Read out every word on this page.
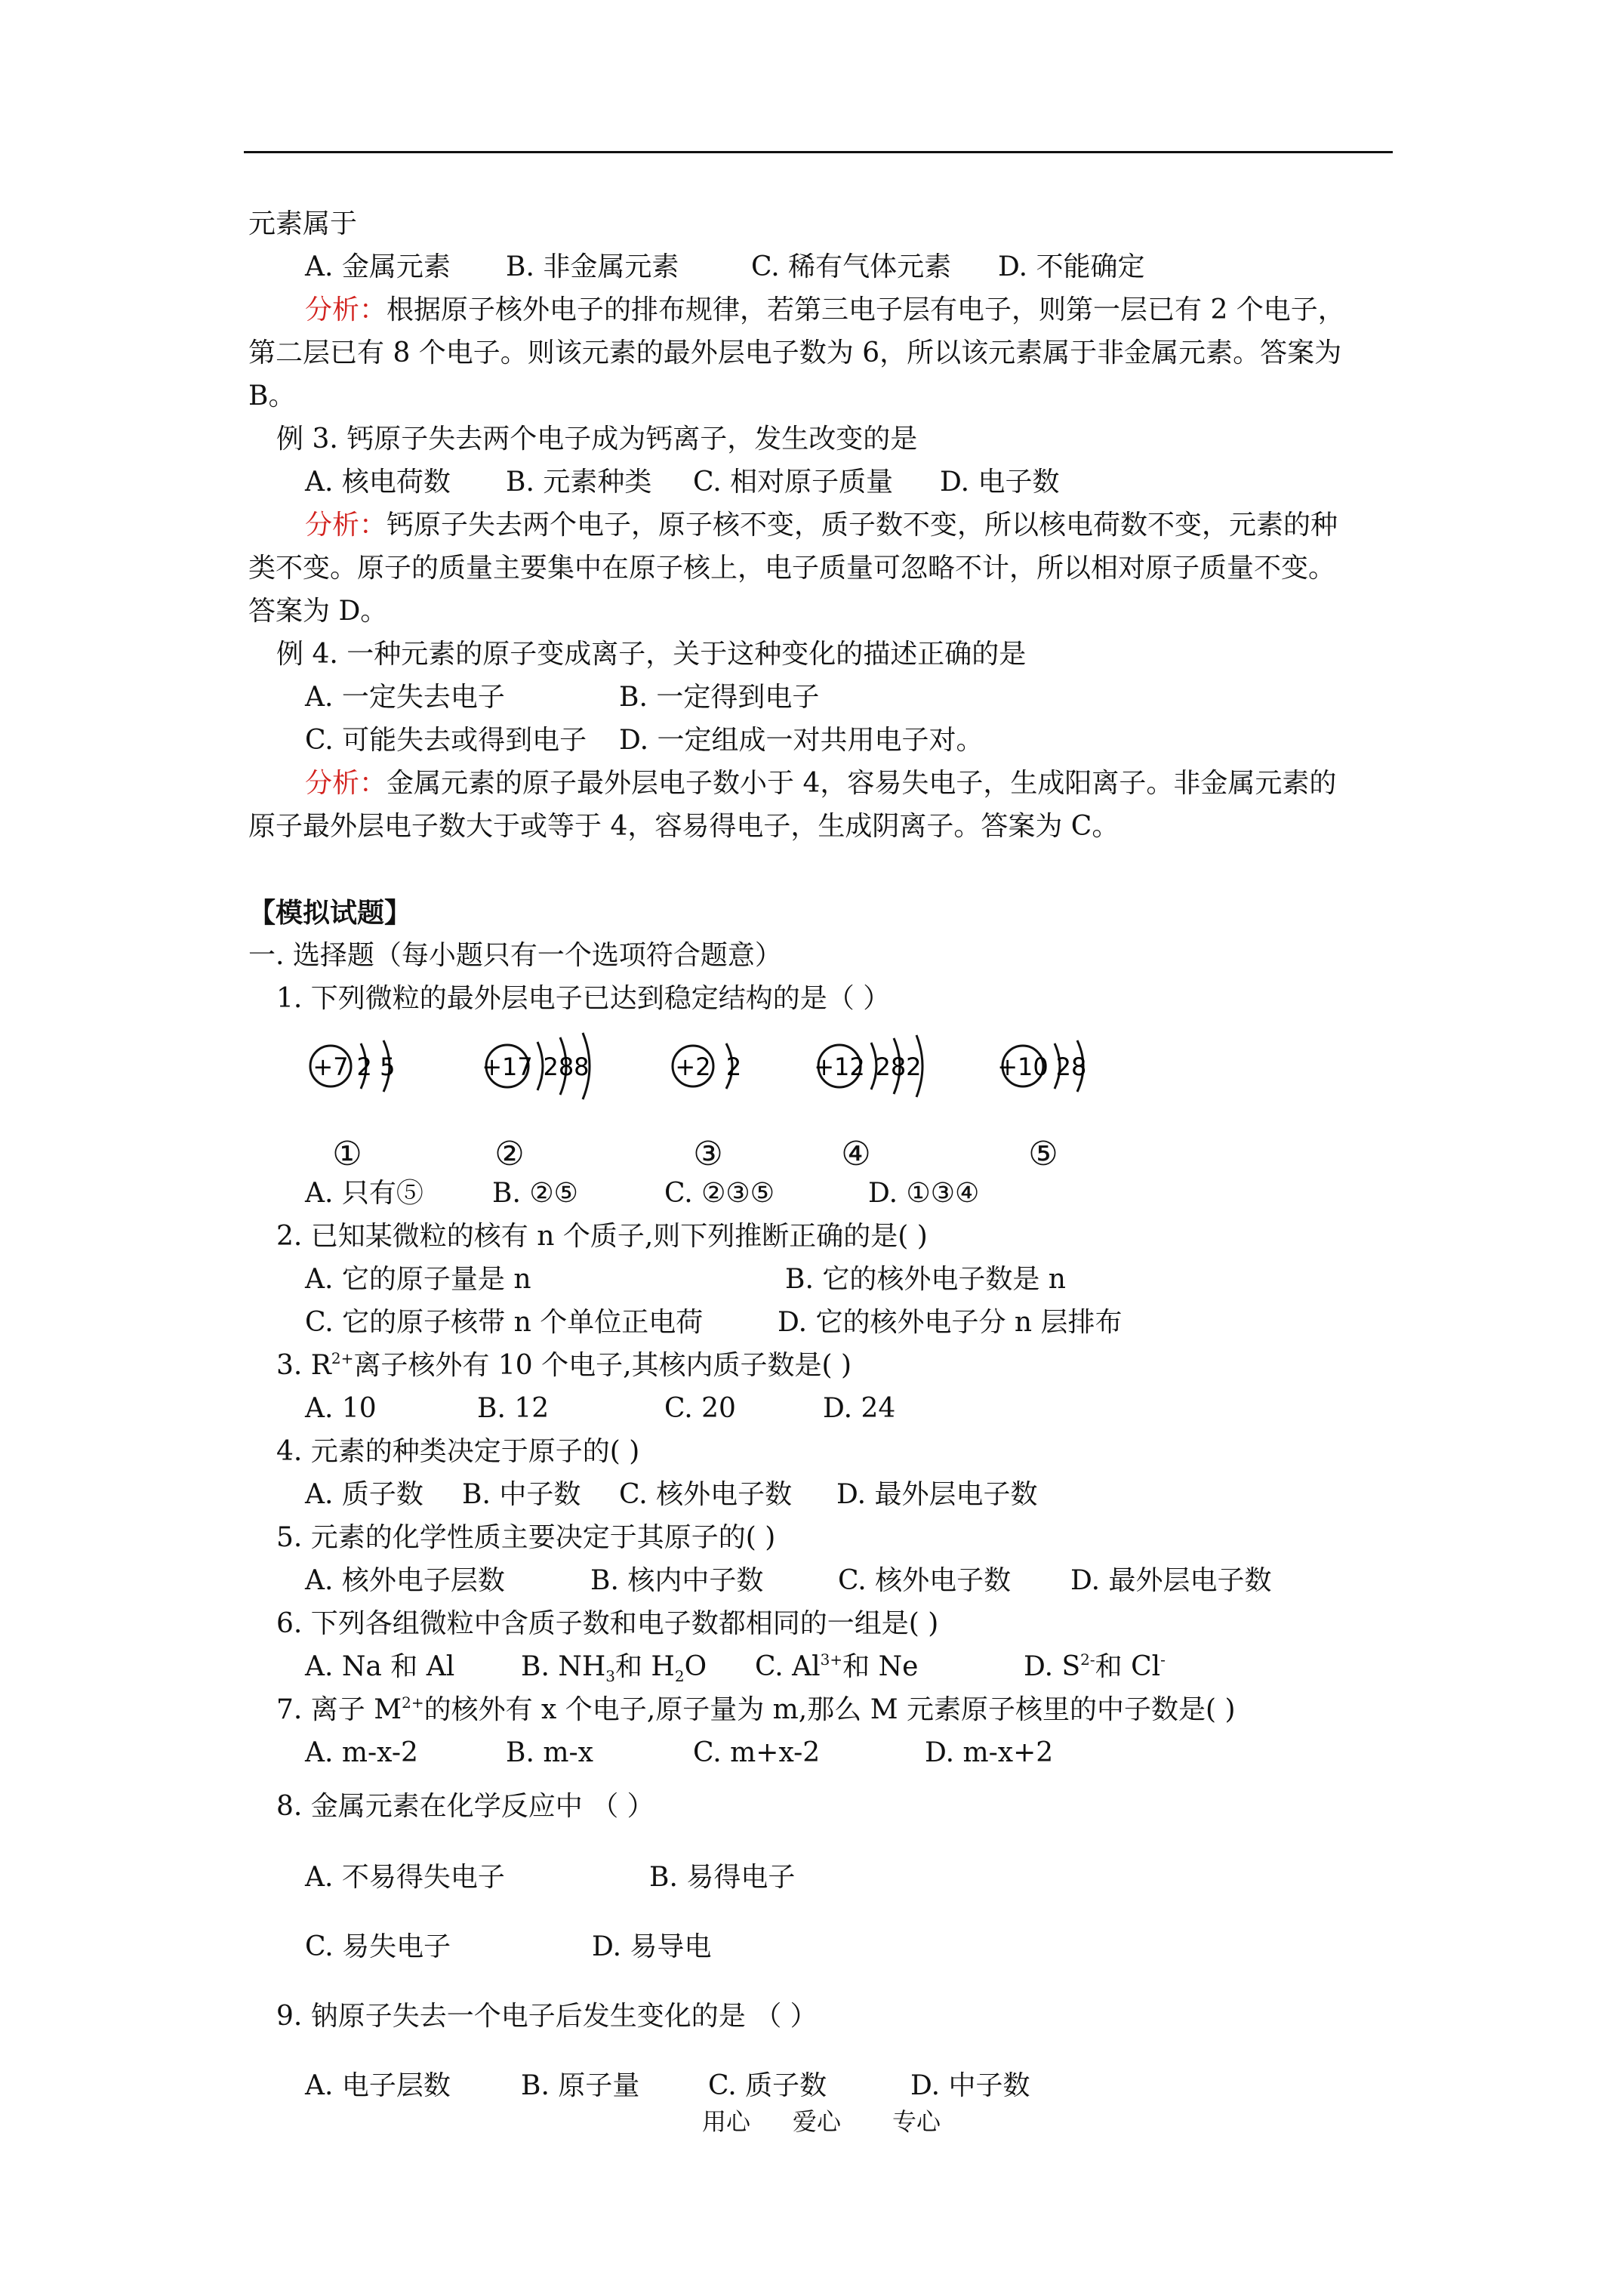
元素属于
A. 金属元素 B. 非金属元素	C. 稀有气体元素 D. 不能确定
分析：根据原子核外电子的排布规律，若第三电子层有电子，则第一层已有 2 个电子，
第二层已有 8 个电子。则该元素的最外层电子数为 6，所以该元素属于非金属元素。答案为
B。
例 3. 钙原子失去两个电子成为钙离子，发生改变的是
A. 核电荷数 B. 元素种类 C. 相对原子质量 D. 电子数
分析：钙原子失去两个电子，原子核不变，质子数不变，所以核电荷数不变，元素的种
类不变。原子的质量主要集中在原子核上，电子质量可忽略不计，所以相对原子质量不变。
答案为 D。
例 4. 一种元素的原子变成离子，关于这种变化的描述正确的是
A. 一定失去电子	B. 一定得到电子
C. 可能失去或得到电子 D. 一定组成一对共用电子对。
分析：金属元素的原子最外层电子数小于 4，容易失电子，生成阳离子。非金属元素的
原子最外层电子数大于或等于 4，容易得电子，生成阴离子。答案为 C。
【模拟试题】
一. 选择题（每小题只有一个选项符合题意）
1. 下列微粒的最外层电子已达到稳定结构的是（ ）
+7 2 5	+17 288	+2 2	+12 282	+10 28
①	②	③	④	⑤
A. 只有⑤	B. ②⑤	C. ②③⑤	D. ①③④
2. 已知某微粒的核有 n 个质子,则下列推断正确的是( )
A. 它的原子量是 n	B. 它的核外电子数是 n
C. 它的原子核带 n 个单位正电荷	D. 它的核外电子分 n 层排布
3. $R^{2+}$离子核外有 10 个电子,其核内质子数是( )
A. 10	B. 12	C. 20	D. 24
4. 元素的种类决定于原子的( )
A. 质子数 B. 中子数 C. 核外电子数 D. 最外层电子数
5. 元素的化学性质主要决定于其原子的( )
A. 核外电子层数	B. 核内中子数	C. 核外电子数 D. 最外层电子数
6. 下列各组微粒中含质子数和电子数都相同的一组是( )
A. Na 和 Al B. $NH_3$和 $H_2O$ C. $Al^{3+}$和 Ne	D. $S^{2-}$和 Cl-
7. 离子 $M^{2+}$的核外有 x 个电子,原子量为 m,那么 M 元素原子核里的中子数是( )
A. m-x-2	B. m-x	C. m+x-2	D. m-x+2
8. 金属元素在化学反应中 （ ）
A. 不易得失电子	B. 易得电子
C. 易失电子	D. 易导电
9. 钠原子失去一个电子后发生变化的是 （ ）
A. 电子层数	B. 原子量	C. 质子数	D. 中子数
用心 爱心 专心
